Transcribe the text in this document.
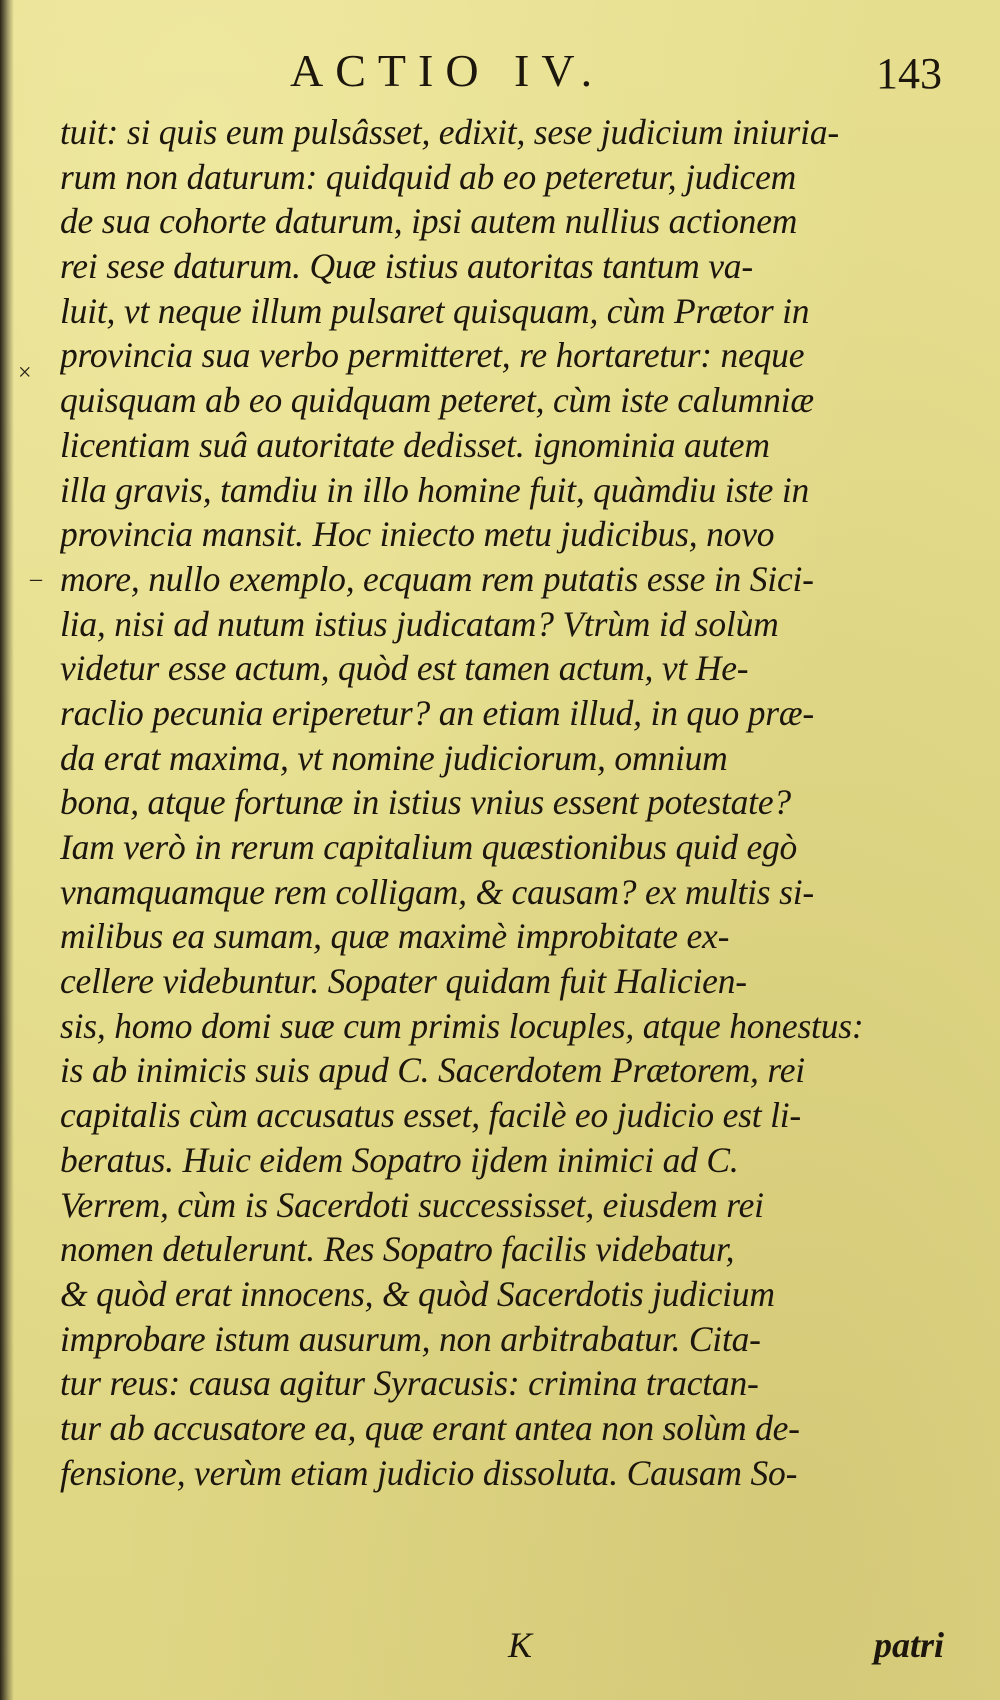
ACTIO IV.	143
×
–
tuit: si quis eum pulsâsset, edixit, sese judicium iniuria-
rum non daturum: quidquid ab eo peteretur, judicem
de sua cohorte daturum, ipsi autem nullius actionem
rei sese daturum. Quæ istius autoritas tantum va-
luit, vt neque illum pulsaret quisquam, cùm Prætor in
provincia sua verbo permitteret, re hortaretur: neque
quisquam ab eo quidquam peteret, cùm iste calumniæ
licentiam suâ autoritate dedisset. ignominia autem
illa gravis, tamdiu in illo homine fuit, quàmdiu iste in
provincia mansit. Hoc iniecto metu judicibus, novo
more, nullo exemplo, ecquam rem putatis esse in Sici-
lia, nisi ad nutum istius judicatam? Vtrùm id solùm
videtur esse actum, quòd est tamen actum, vt He-
raclio pecunia eriperetur? an etiam illud, in quo præ-
da erat maxima, vt nomine judiciorum, omnium
bona, atque fortunæ in istius vnius essent potestate?
Iam verò in rerum capitalium quæstionibus quid egò
vnamquamque rem colligam, & causam? ex multis si-
milibus ea sumam, quæ maximè improbitate ex-
cellere videbuntur. Sopater quidam fuit Halicien-
sis, homo domi suæ cum primis locuples, atque honestus:
is ab inimicis suis apud C. Sacerdotem Prætorem, rei
capitalis cùm accusatus esset, facilè eo judicio est li-
beratus. Huic eidem Sopatro ijdem inimici ad C.
Verrem, cùm is Sacerdoti successisset, eiusdem rei
nomen detulerunt. Res Sopatro facilis videbatur,
& quòd erat innocens, & quòd Sacerdotis judicium
improbare istum ausurum, non arbitrabatur. Cita-
tur reus: causa agitur Syracusis: crimina tractan-
tur ab accusatore ea, quæ erant antea non solùm de-
fensione, verùm etiam judicio dissoluta. Causam So-
K	patri
